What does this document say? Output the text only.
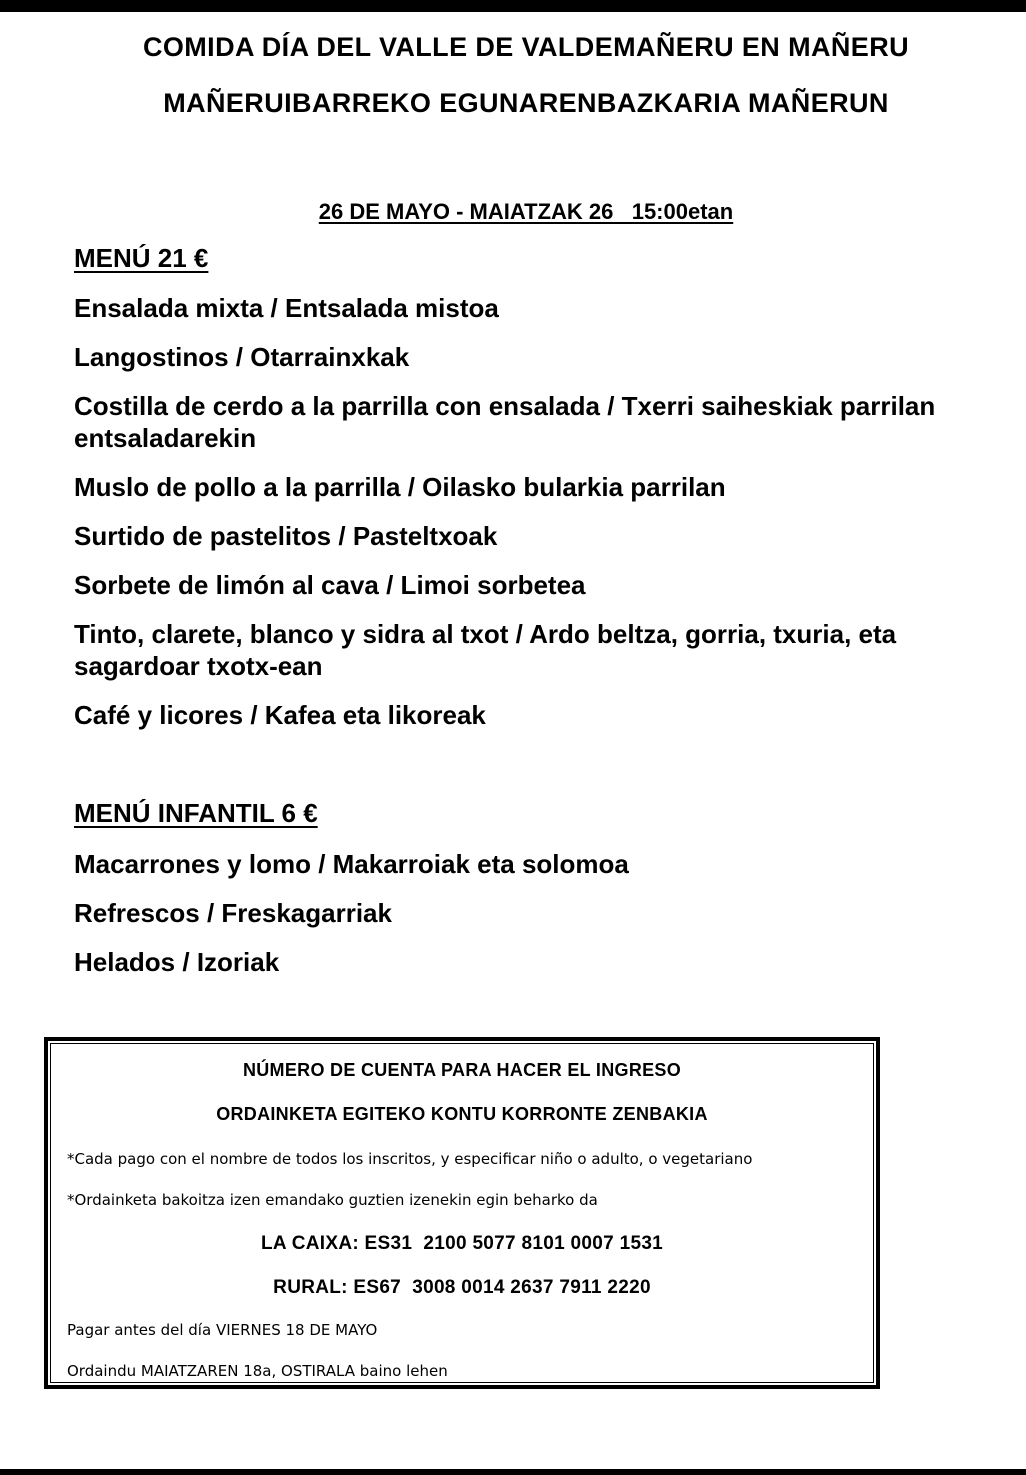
COMIDA DÍA DEL VALLE DE VALDEMAÑERU EN MAÑERU
MAÑERUIBARREKO EGUNARENBAZKARIA MAÑERUN
26 DE MAYO - MAIATZAK 26   15:00etan
MENÚ 21 €
Ensalada mixta / Entsalada mistoa
Langostinos / Otarrainxkak
Costilla de cerdo a la parrilla con ensalada / Txerri saiheskiak parrilan entsaladarekin
Muslo de pollo a la parrilla / Oilasko bularkia parrilan
Surtido de pastelitos / Pasteltxoak
Sorbete de limón al cava / Limoi sorbetea
Tinto, clarete, blanco y sidra al txot / Ardo beltza, gorria, txuria, eta sagardoar txotx-ean
Café y licores / Kafea eta likoreak
MENÚ INFANTIL 6 €
Macarrones y lomo / Makarroiak eta solomoa
Refrescos / Freskagarriak
Helados / Izoriak
NÚMERO DE CUENTA PARA HACER EL INGRESO
ORDAINKETA EGITEKO KONTU KORRONTE ZENBAKIA
*Cada pago con el nombre de todos los inscritos, y especificar niño o adulto, o vegetariano
*Ordainketa bakoitza izen emandako guztien izenekin egin beharko da
LA CAIXA: ES31  2100 5077 8101 0007 1531
RURAL: ES67  3008 0014 2637 7911 2220
Pagar antes del día VIERNES 18 DE MAYO
Ordaindu MAIATZAREN 18a, OSTIRALA baino lehen
